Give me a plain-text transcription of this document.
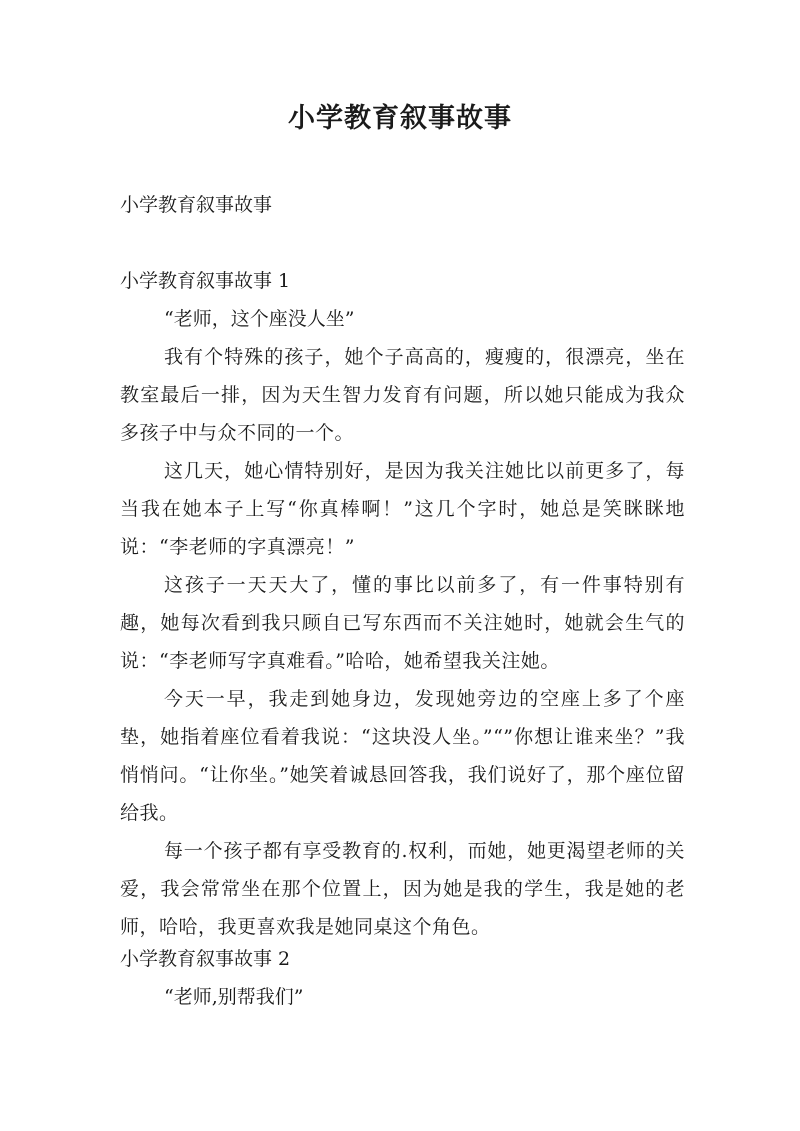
小学教育叙事故事
小学教育叙事故事
小学教育叙事故事 1
“老师，这个座没人坐”
我有个特殊的孩子，她个子高高的，瘦瘦的，很漂亮，坐在教室最后一排，因为天生智力发育有问题，所以她只能成为我众多孩子中与众不同的一个。
这几天，她心情特别好，是因为我关注她比以前更多了，每当我在她本子上写“你真棒啊！”这几个字时，她总是笑眯眯地说：“李老师的字真漂亮！”
这孩子一天天大了，懂的事比以前多了，有一件事特别有趣，她每次看到我只顾自已写东西而不关注她时，她就会生气的说：“李老师写字真难看。”哈哈，她希望我关注她。
今天一早，我走到她身边，发现她旁边的空座上多了个座垫，她指着座位看着我说：“这块没人坐。”“”你想让谁来坐？”我悄悄问。“让你坐。”她笑着诚恳回答我，我们说好了，那个座位留给我。
每一个孩子都有享受教育的.权利，而她，她更渴望老师的关爱，我会常常坐在那个位置上，因为她是我的学生，我是她的老师，哈哈，我更喜欢我是她同桌这个角色。
小学教育叙事故事 2
“老师,别帮我们”
